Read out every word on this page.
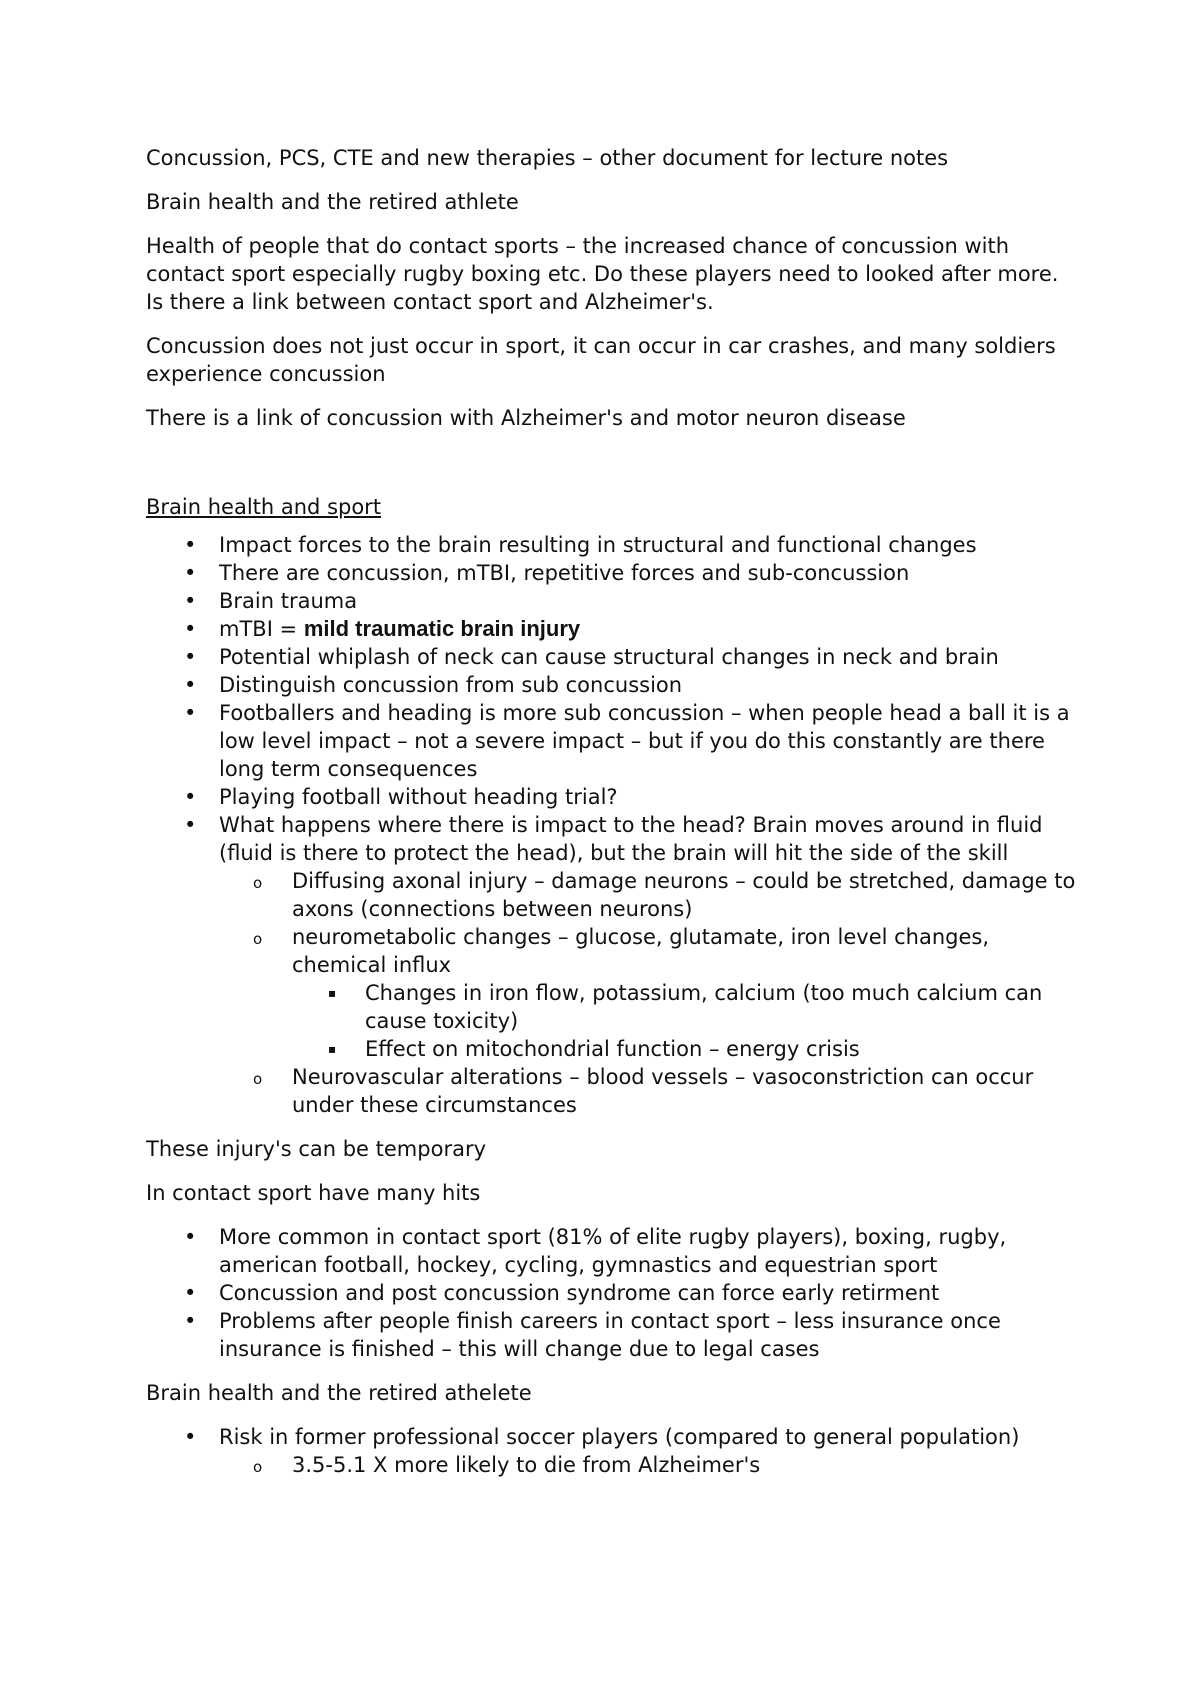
Concussion, PCS, CTE and new therapies – other document for lecture notes

Brain health and the retired athlete

Health of people that do contact sports – the increased chance of concussion with contact sport especially rugby boxing etc. Do these players need to looked after more. Is there a link between contact sport and Alzheimer's.

Concussion does not just occur in sport, it can occur in car crashes, and many soldiers experience concussion

There is a link of concussion with Alzheimer's and motor neuron disease

Brain health and sport

• Impact forces to the brain resulting in structural and functional changes
• There are concussion, mTBI, repetitive forces and sub-concussion
• Brain trauma
• mTBI = mild traumatic brain injury
• Potential whiplash of neck can cause structural changes in neck and brain
• Distinguish concussion from sub concussion
• Footballers and heading is more sub concussion – when people head a ball it is a low level impact – not a severe impact – but if you do this constantly are there long term consequences
• Playing football without heading trial?
• What happens where there is impact to the head? Brain moves around in fluid (fluid is there to protect the head), but the brain will hit the side of the skill
o Diffusing axonal injury – damage neurons – could be stretched, damage to axons (connections between neurons)
o neurometabolic changes – glucose, glutamate, iron level changes, chemical influx
▪ Changes in iron flow, potassium, calcium (too much calcium can cause toxicity)
▪ Effect on mitochondrial function – energy crisis
o Neurovascular alterations – blood vessels – vasoconstriction can occur under these circumstances

These injury's can be temporary

In contact sport have many hits

• More common in contact sport (81% of elite rugby players), boxing, rugby, american football, hockey, cycling, gymnastics and equestrian sport
• Concussion and post concussion syndrome can force early retirment
• Problems after people finish careers in contact sport – less insurance once insurance is finished – this will change due to legal cases

Brain health and the retired athelete

• Risk in former professional soccer players (compared to general population)
o 3.5-5.1 X more likely to die from Alzheimer's
